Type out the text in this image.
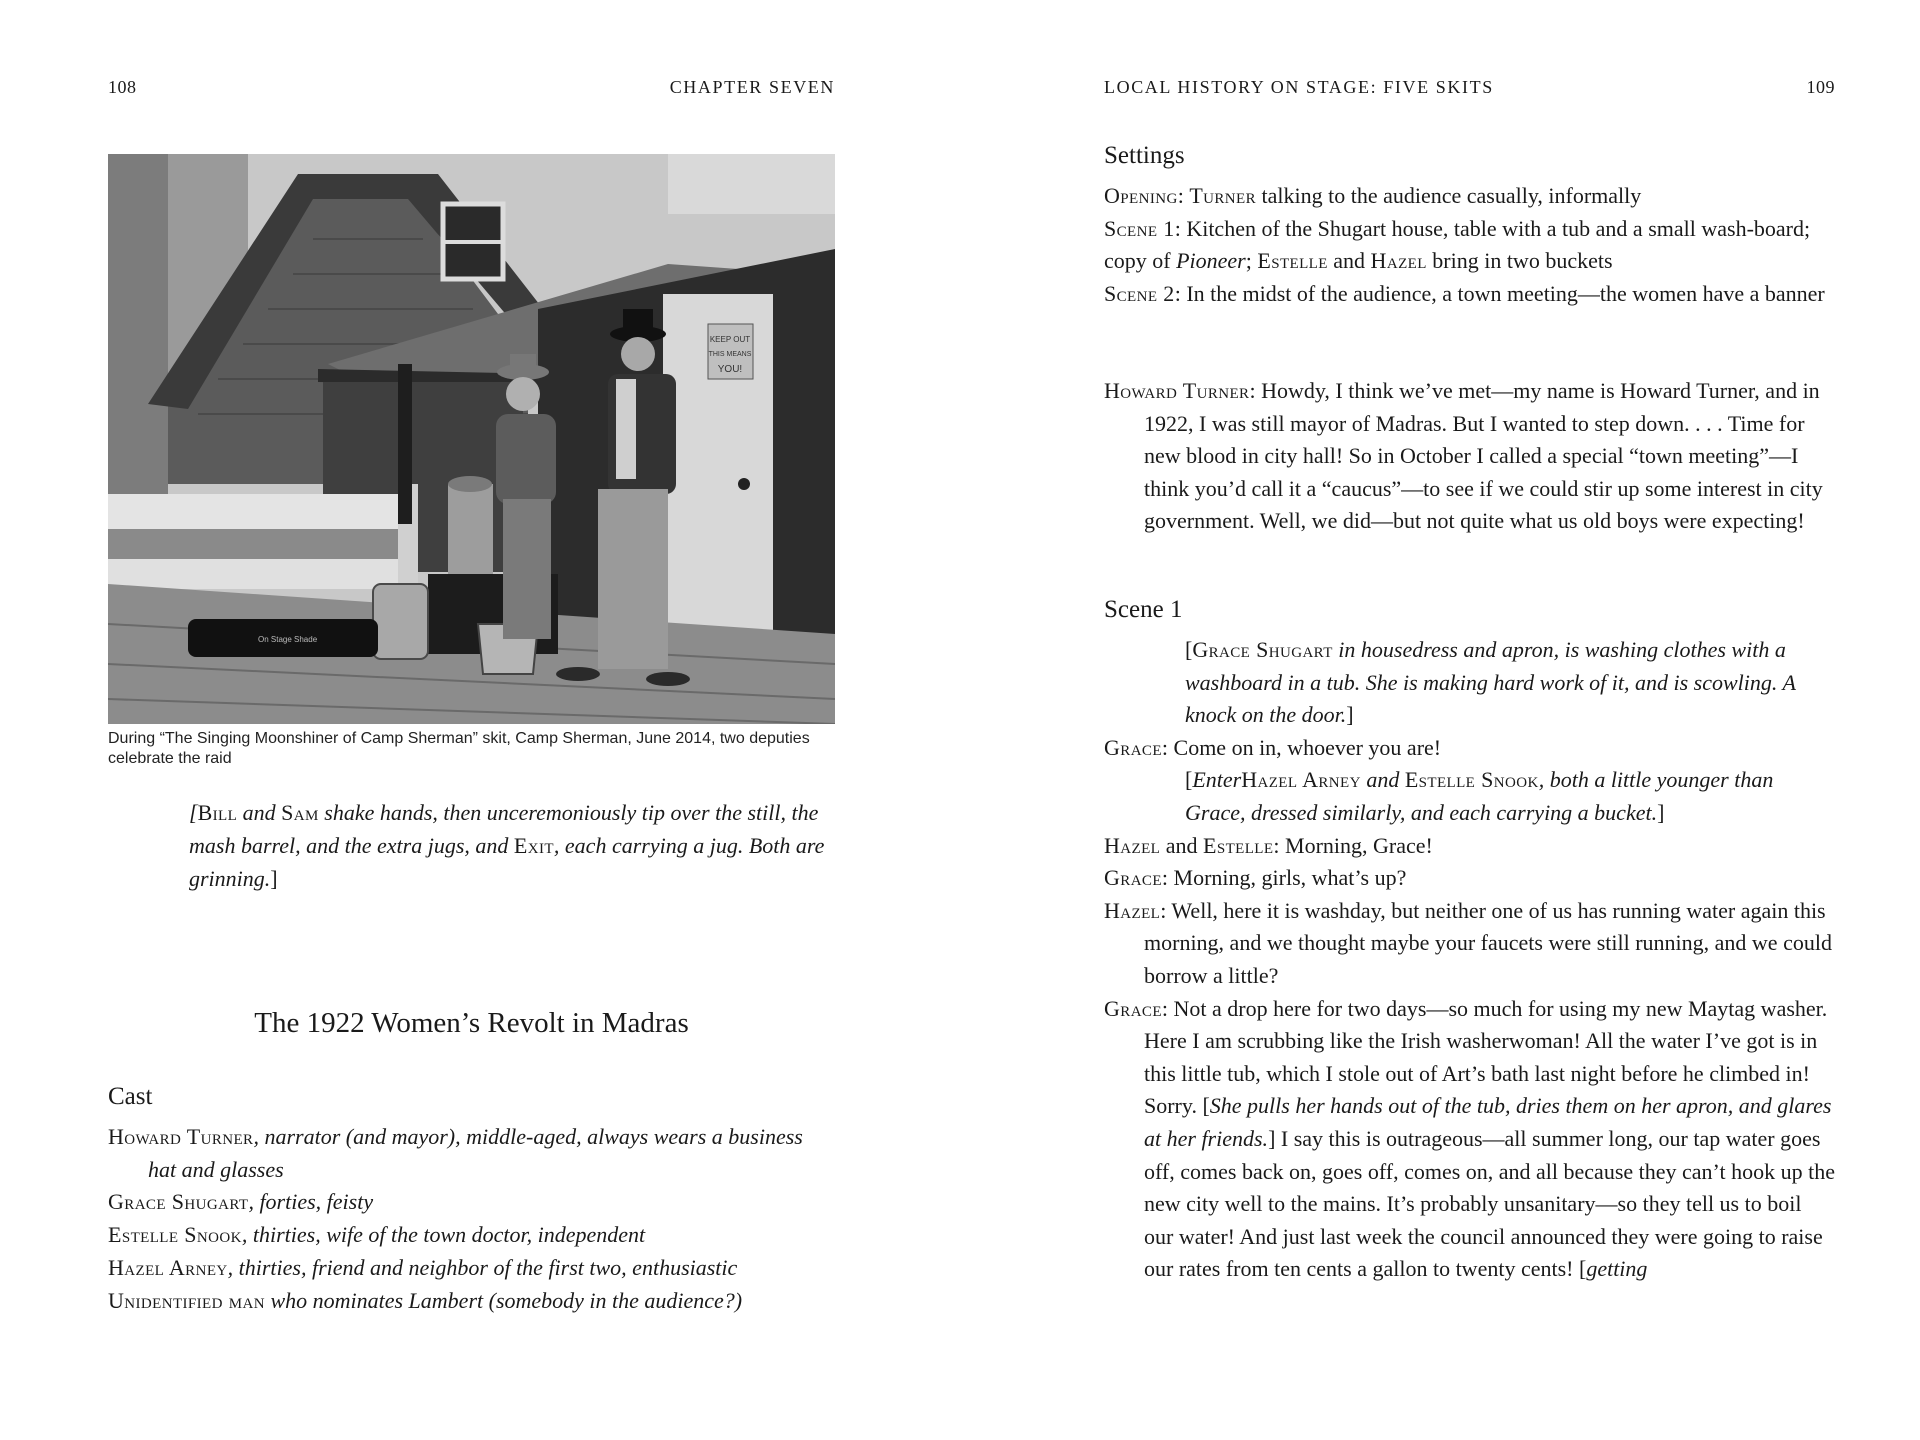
108	CHAPTER SEVEN
KEEP OUT
THIS MEANS
YOU!
On Stage Shade
During “The Singing Moonshiner of Camp Sherman” skit, Camp Sherman, June 2014, two deputies celebrate the raid
[Bill and Sam shake hands, then unceremoniously tip over the still, the mash barrel, and the extra jugs, and Exit, each carrying a jug. Both are grinning.]
The 1922 Women’s Revolt in Madras
Cast
Howard Turner, narrator (and mayor), middle-aged, always wears a business hat and glasses
Grace Shugart, forties, feisty
Estelle Snook, thirties, wife of the town doctor, independent
Hazel Arney, thirties, friend and neighbor of the first two, enthusiastic
Unidentified man who nominates Lambert (somebody in the audience?)
LOCAL HISTORY ON STAGE: FIVE SKITS	109
Settings
Opening: Turner talking to the audience casually, informally
Scene 1: Kitchen of the Shugart house, table with a tub and a small wash-board; copy of Pioneer; Estelle and Hazel bring in two buckets
Scene 2: In the midst of the audience, a town meeting—the women have a banner
Howard Turner: Howdy, I think we’ve met—my name is Howard Turner, and in 1922, I was still mayor of Madras. But I wanted to step down. . . . Time for new blood in city hall! So in October I called a special “town meeting”—I think you’d call it a “caucus”—to see if we could stir up some interest in city government. Well, we did—but not quite what us old boys were expecting!
Scene 1
[Grace Shugart in housedress and apron, is washing clothes with a washboard in a tub. She is making hard work of it, and is scowling. A knock on the door.]
Grace: Come on in, whoever you are!
[EnterHazel Arney and Estelle Snook, both a little younger than Grace, dressed similarly, and each carrying a bucket.]
Hazel and Estelle: Morning, Grace!
Grace: Morning, girls, what’s up?
Hazel: Well, here it is washday, but neither one of us has running water again this morning, and we thought maybe your faucets were still running, and we could borrow a little?
Grace: Not a drop here for two days—so much for using my new Maytag washer. Here I am scrubbing like the Irish washerwoman! All the water I’ve got is in this little tub, which I stole out of Art’s bath last night before he climbed in! Sorry. [She pulls her hands out of the tub, dries them on her apron, and glares at her friends.] I say this is outrageous—all summer long, our tap water goes off, comes back on, goes off, comes on, and all because they can’t hook up the new city well to the mains. It’s probably unsanitary—so they tell us to boil our water! And just last week the council announced they were going to raise our rates from ten cents a gallon to twenty cents! [getting
